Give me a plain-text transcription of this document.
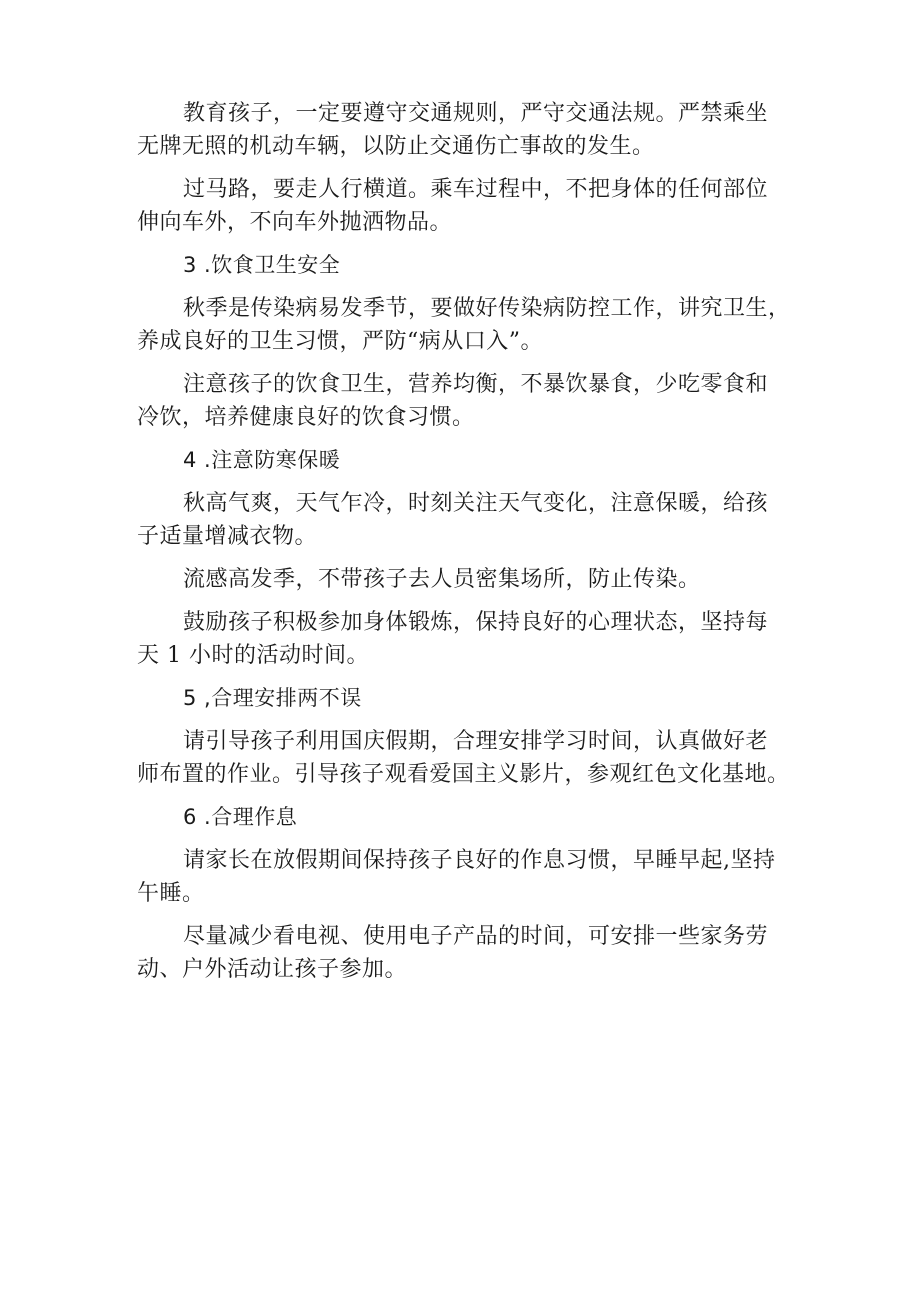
教育孩子，一定要遵守交通规则，严守交通法规。严禁乘坐
无牌无照的机动车辆，以防止交通伤亡事故的发生。

过马路，要走人行横道。乘车过程中，不把身体的任何部位
伸向车外，不向车外抛洒物品。

3 .饮食卫生安全

秋季是传染病易发季节，要做好传染病防控工作，讲究卫生，
养成良好的卫生习惯，严防“病从口入”。

注意孩子的饮食卫生，营养均衡，不暴饮暴食，少吃零食和
冷饮，培养健康良好的饮食习惯。

4 .注意防寒保暖

秋高气爽，天气乍冷，时刻关注天气变化，注意保暖，给孩
子适量增减衣物。

流感高发季，不带孩子去人员密集场所，防止传染。

鼓励孩子积极参加身体锻炼，保持良好的心理状态，坚持每
天 1 小时的活动时间。

5 ,合理安排两不误

请引导孩子利用国庆假期，合理安排学习时间，认真做好老
师布置的作业。引导孩子观看爱国主义影片，参观红色文化基地。

6 .合理作息

请家长在放假期间保持孩子良好的作息习惯，早睡早起,坚持
午睡。

尽量减少看电视、使用电子产品的时间，可安排一些家务劳
动、户外活动让孩子参加。
